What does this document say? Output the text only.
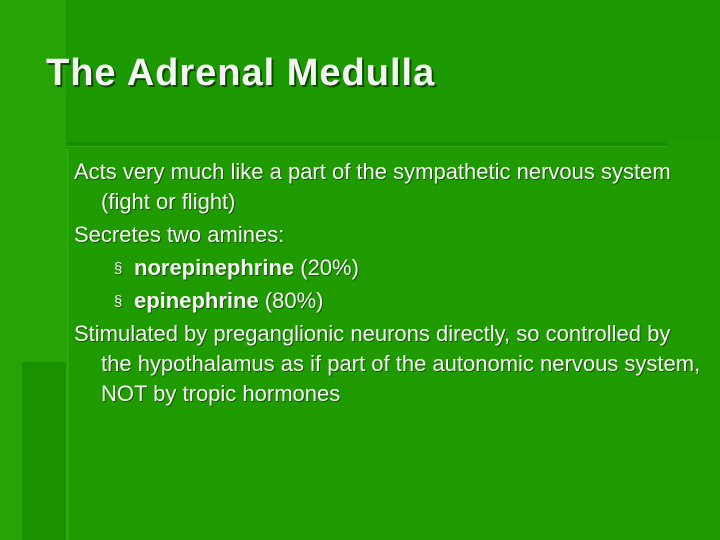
The Adrenal Medulla

Acts very much like a part of the sympathetic nervous system (fight or flight)

Secretes two amines:

§ norepinephrine (20%)

§ epinephrine (80%)

Stimulated by preganglionic neurons directly, so controlled by the hypothalamus as if part of the autonomic nervous system, NOT by tropic hormones
